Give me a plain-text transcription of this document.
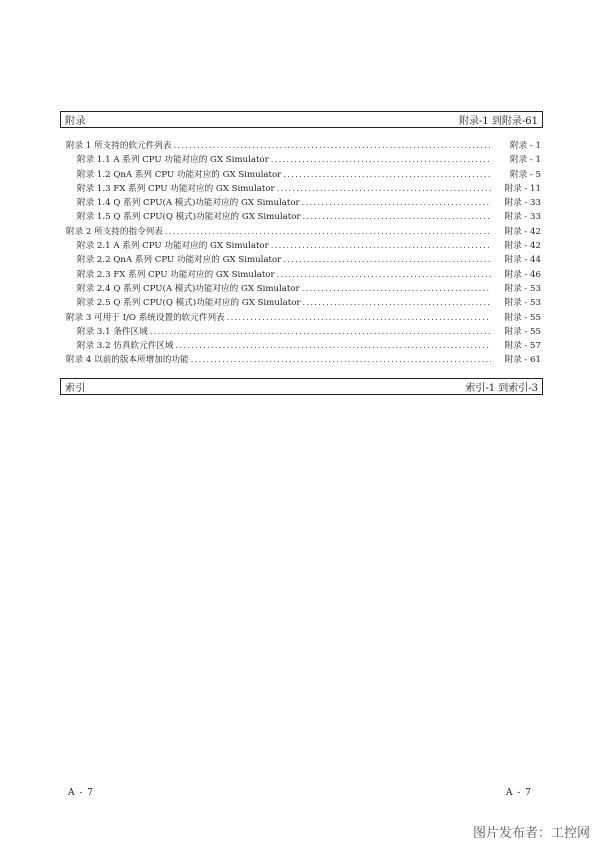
附录	附录-1 到附录-61
附录 1 所支持的软元件列表 .....	附录 - 1
附录 1.1 A 系列 CPU 功能对应的 GX Simulator .....	附录 - 1
附录 1.2 QnA 系列 CPU 功能对应的 GX Simulator .....	附录 - 5
附录 1.3 FX 系列 CPU 功能对应的 GX Simulator .....	附录 - 11
附录 1.4 Q 系列 CPU(A 模式)功能对应的 GX Simulator .....	附录 - 33
附录 1.5 Q 系列 CPU(Q 模式)功能对应的 GX Simulator .....	附录 - 33
附录 2 所支持的指令列表 .....	附录 - 42
附录 2.1 A 系列 CPU 功能对应的 GX Simulator .....	附录 - 42
附录 2.2 QnA 系列 CPU 功能对应的 GX Simulator .....	附录 - 44
附录 2.3 FX 系列 CPU 功能对应的 GX Simulator .....	附录 - 46
附录 2.4 Q 系列 CPU(A 模式)功能对应的 GX Simulator .....	附录 - 53
附录 2.5 Q 系列 CPU(Q 模式)功能对应的 GX Simulator .....	附录 - 53
附录 3 可用于 I/O 系统设置的软元件列表 .....	附录 - 55
附录 3.1 条件区域 .....	附录 - 55
附录 3.2 仿真软元件区域 .....	附录 - 57
附录 4 以前的版本所增加的功能 .....	附录 - 61
索引	索引-1 到索引-3
A - 7	A - 7
图片发布者：工控网
